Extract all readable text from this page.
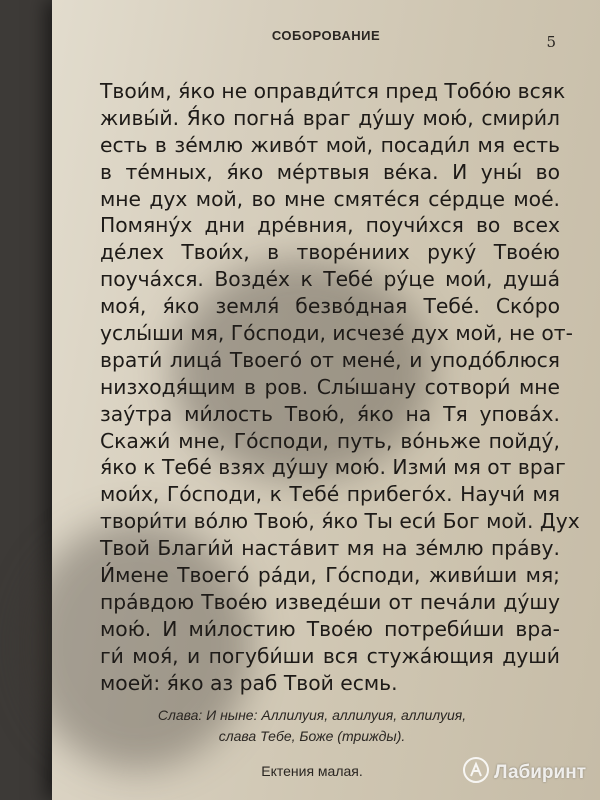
СОБОРОВАНИЕ	5
Твои́м, я́ко не оправди́тся пред Тобо́ю всяк
живы́й. Я́ко погна́ враг ду́шу мою́, смири́л
есть в зе́млю живо́т мой, посади́л мя есть
в те́мных, я́ко ме́ртвыя ве́ка. И уны́ во
мне дух мой, во мне смяте́ся се́рдце мое́.
Помяну́х дни дре́вния, поучи́хся во всех
де́лех Твои́х, в творе́ниих руку́ Твое́ю
поуча́хся. Возде́х к Тебе́ ру́це мои́, душа́
моя́, я́ко земля́ безво́дная Тебе́. Ско́ро
услы́ши мя, Го́споди, исчезе́ дух мой, не от-
врати́ лица́ Твоего́ от мене́, и уподо́блюся
низходя́щим в ров. Слы́шану сотвори́ мне
зау́тра ми́лость Твою́, я́ко на Тя упова́х.
Скажи́ мне, Го́споди, путь, во́ньже пойду́,
я́ко к Тебе́ взях ду́шу мою́. Изми́ мя от враг
мои́х, Го́споди, к Тебе́ прибего́х. Научи́ мя
твори́ти во́лю Твою́, я́ко Ты еси́ Бог мой. Дух
Твой Благи́й наста́вит мя на зе́млю пра́ву.
И́мене Твоего́ ра́ди, Го́споди, живи́ши мя;
пра́вдою Твое́ю изведе́ши от печа́ли ду́шу
мою́. И ми́лостию Твое́ю потреби́ши вра-
ги́ моя́, и погуби́ши вся стужа́ющия души́
моей: я́ко аз раб Твой есмь.
Слава: И ныне: Аллилуия, аллилуия, аллилуия,
слава Тебе, Боже (трижды).
Ектения малая.	Лабиринт
